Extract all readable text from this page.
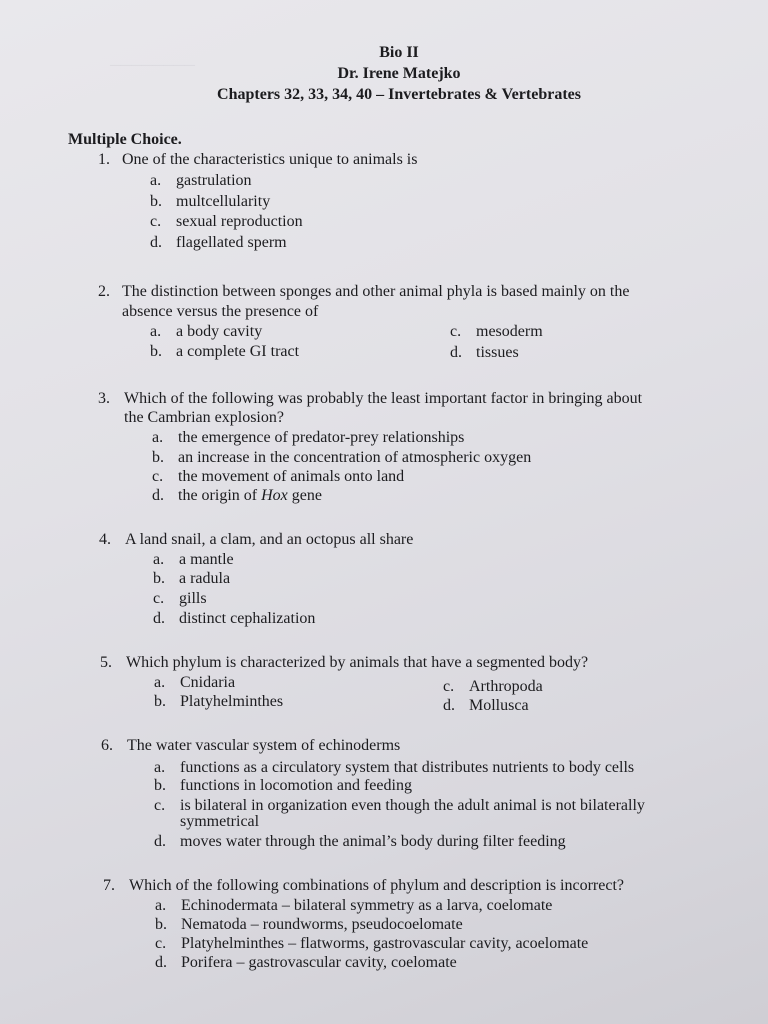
────────
Bio II
Dr. Irene Matejko
Chapters 32, 33, 34, 40 – Invertebrates & Vertebrates
Multiple Choice.
1. One of the characteristics unique to animals is
a. gastrulation
b. multcellularity
c. sexual reproduction
d. flagellated sperm
2. The distinction between sponges and other animal phyla is based mainly on the
absence versus the presence of
a. a body cavity
b. a complete GI tract
c. mesoderm
d. tissues
3. Which of the following was probably the least important factor in bringing about
the Cambrian explosion?
a. the emergence of predator-prey relationships
b. an increase in the concentration of atmospheric oxygen
c. the movement of animals onto land
d. the origin of Hox gene
4. A land snail, a clam, and an octopus all share
a. a mantle
b. a radula
c. gills
d. distinct cephalization
5. Which phylum is characterized by animals that have a segmented body?
a. Cnidaria
b. Platyhelminthes
c. Arthropoda
d. Mollusca
6. The water vascular system of echinoderms
a. functions as a circulatory system that distributes nutrients to body cells
b. functions in locomotion and feeding
c. is bilateral in organization even though the adult animal is not bilaterally
symmetrical
d. moves water through the animal’s body during filter feeding
7. Which of the following combinations of phylum and description is incorrect?
a. Echinodermata – bilateral symmetry as a larva, coelomate
b. Nematoda – roundworms, pseudocoelomate
c. Platyhelminthes – flatworms, gastrovascular cavity, acoelomate
d. Porifera – gastrovascular cavity, coelomate
